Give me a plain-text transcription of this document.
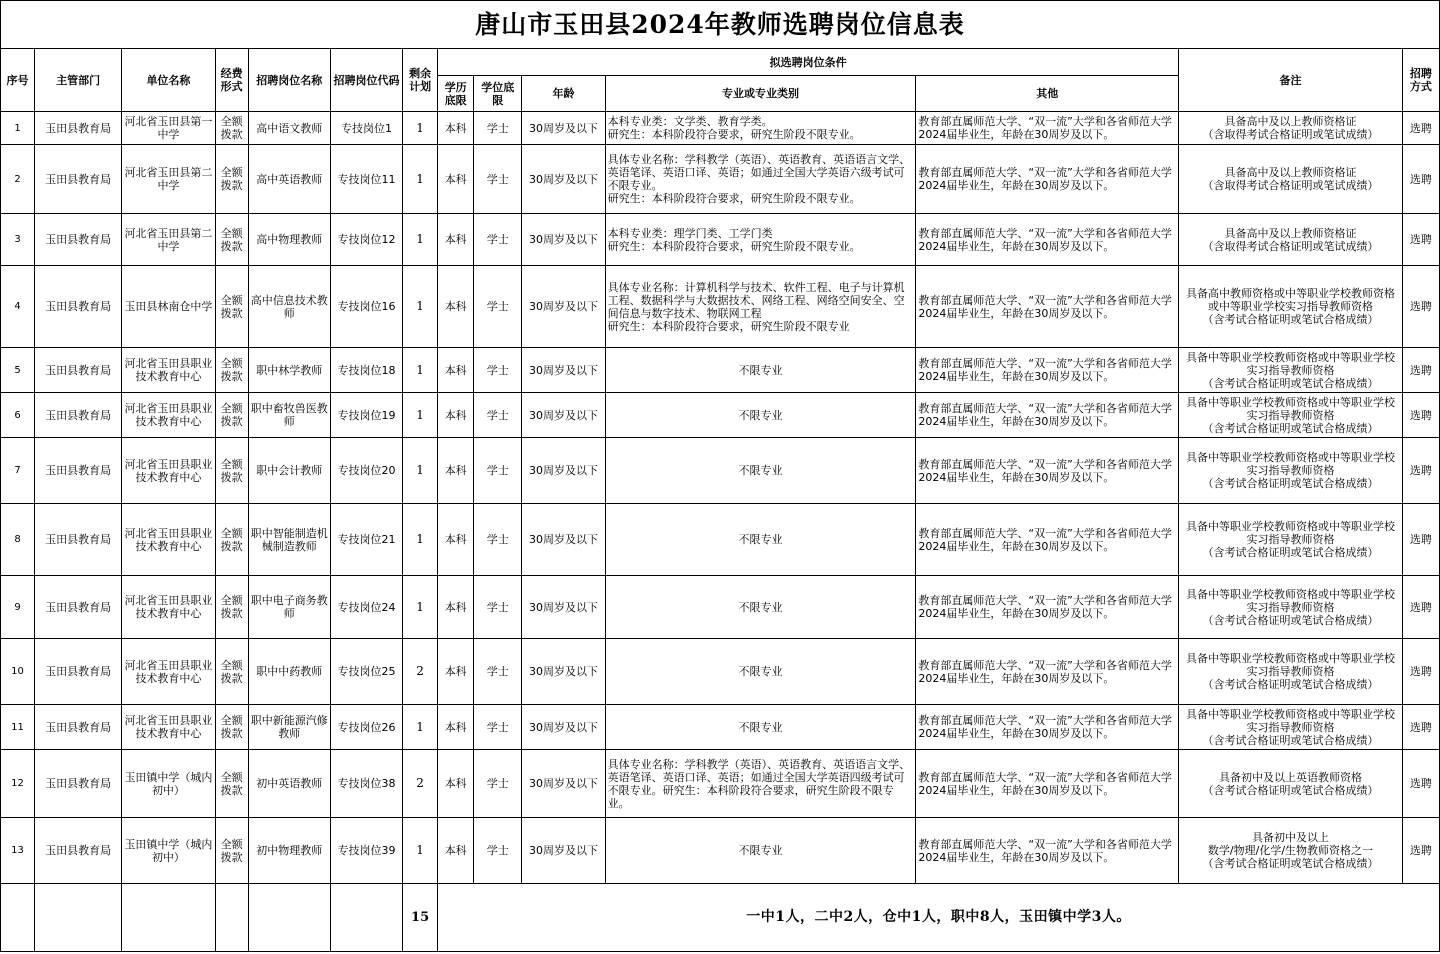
唐山市玉田县2024年教师选聘岗位信息表
序号	主管部门	单位名称	经费形式	招聘岗位名称	招聘岗位代码	剩余计划	拟选聘岗位条件					备注	招聘方式
							学历底限	学位底限	年龄	专业或专业类别	其他		
1	玉田县教育局	河北省玉田县第一中学	全额拨款	高中语文教师	专技岗位1	1	本科	学士	30周岁及以下	本科专业类：文学类、教育学类。
研究生：本科阶段符合要求，研究生阶段不限专业。	教育部直属师范大学、“双一流”大学和各省师范大学2024届毕业生，年龄在30周岁及以下。	具备高中及以上教师资格证
（含取得考试合格证明或笔试成绩）	选聘
2	玉田县教育局	河北省玉田县第二中学	全额拨款	高中英语教师	专技岗位11	1	本科	学士	30周岁及以下	具体专业名称：学科教学（英语）、英语教育、英语语言文学、英语笔译、英语口译、英语；如通过全国大学英语六级考试可不限专业。
研究生：本科阶段符合要求，研究生阶段不限专业。	教育部直属师范大学、“双一流”大学和各省师范大学2024届毕业生，年龄在30周岁及以下。	具备高中及以上教师资格证
（含取得考试合格证明或笔试成绩）	选聘
3	玉田县教育局	河北省玉田县第二中学	全额拨款	高中物理教师	专技岗位12	1	本科	学士	30周岁及以下	本科专业类：理学门类、工学门类
研究生：本科阶段符合要求，研究生阶段不限专业。	教育部直属师范大学、“双一流”大学和各省师范大学2024届毕业生，年龄在30周岁及以下。	具备高中及以上教师资格证
（含取得考试合格证明或笔试成绩）	选聘
4	玉田县教育局	玉田县林南仓中学	全额拨款	高中信息技术教师	专技岗位16	1	本科	学士	30周岁及以下	具体专业名称：计算机科学与技术、软件工程、电子与计算机工程、数据科学与大数据技术、网络工程、网络空间安全、空间信息与数字技术、物联网工程
研究生：本科阶段符合要求，研究生阶段不限专业	教育部直属师范大学、“双一流”大学和各省师范大学2024届毕业生，年龄在30周岁及以下。	具备高中教师资格或中等职业学校教师资格或中等职业学校实习指导教师资格
（含考试合格证明或笔试合格成绩）	选聘
5	玉田县教育局	河北省玉田县职业技术教育中心	全额拨款	职中林学教师	专技岗位18	1	本科	学士	30周岁及以下	不限专业	教育部直属师范大学、“双一流”大学和各省师范大学2024届毕业生，年龄在30周岁及以下。	具备中等职业学校教师资格或中等职业学校实习指导教师资格
（含考试合格证明或笔试合格成绩）	选聘
6	玉田县教育局	河北省玉田县职业技术教育中心	全额拨款	职中畜牧兽医教师	专技岗位19	1	本科	学士	30周岁及以下	不限专业	教育部直属师范大学、“双一流”大学和各省师范大学2024届毕业生，年龄在30周岁及以下。	具备中等职业学校教师资格或中等职业学校实习指导教师资格
（含考试合格证明或笔试合格成绩）	选聘
7	玉田县教育局	河北省玉田县职业技术教育中心	全额拨款	职中会计教师	专技岗位20	1	本科	学士	30周岁及以下	不限专业	教育部直属师范大学、“双一流”大学和各省师范大学2024届毕业生，年龄在30周岁及以下。	具备中等职业学校教师资格或中等职业学校实习指导教师资格
（含考试合格证明或笔试合格成绩）	选聘
8	玉田县教育局	河北省玉田县职业技术教育中心	全额拨款	职中智能制造机械制造教师	专技岗位21	1	本科	学士	30周岁及以下	不限专业	教育部直属师范大学、“双一流”大学和各省师范大学2024届毕业生，年龄在30周岁及以下。	具备中等职业学校教师资格或中等职业学校实习指导教师资格
（含考试合格证明或笔试合格成绩）	选聘
9	玉田县教育局	河北省玉田县职业技术教育中心	全额拨款	职中电子商务教师	专技岗位24	1	本科	学士	30周岁及以下	不限专业	教育部直属师范大学、“双一流”大学和各省师范大学2024届毕业生，年龄在30周岁及以下。	具备中等职业学校教师资格或中等职业学校实习指导教师资格
（含考试合格证明或笔试合格成绩）	选聘
10	玉田县教育局	河北省玉田县职业技术教育中心	全额拨款	职中中药教师	专技岗位25	2	本科	学士	30周岁及以下	不限专业	教育部直属师范大学、“双一流”大学和各省师范大学2024届毕业生，年龄在30周岁及以下。	具备中等职业学校教师资格或中等职业学校实习指导教师资格
（含考试合格证明或笔试合格成绩）	选聘
11	玉田县教育局	河北省玉田县职业技术教育中心	全额拨款	职中新能源汽修教师	专技岗位26	1	本科	学士	30周岁及以下	不限专业	教育部直属师范大学、“双一流”大学和各省师范大学2024届毕业生，年龄在30周岁及以下。	具备中等职业学校教师资格或中等职业学校实习指导教师资格
（含考试合格证明或笔试合格成绩）	选聘
12	玉田县教育局	玉田镇中学（城内初中）	全额拨款	初中英语教师	专技岗位38	2	本科	学士	30周岁及以下	具体专业名称：学科教学（英语）、英语教育、英语语言文学、英语笔译、英语口译、英语；如通过全国大学英语四级考试可不限专业。研究生：本科阶段符合要求，研究生阶段不限专业。	教育部直属师范大学、“双一流”大学和各省师范大学2024届毕业生，年龄在30周岁及以下。	具备初中及以上英语教师资格
（含考试合格证明或笔试合格成绩）	选聘
13	玉田县教育局	玉田镇中学（城内初中）	全额拨款	初中物理教师	专技岗位39	1	本科	学士	30周岁及以下	不限专业	教育部直属师范大学、“双一流”大学和各省师范大学2024届毕业生，年龄在30周岁及以下。	具备初中及以上
数学/物理/化学/生物教师资格之一
（含考试合格证明或笔试合格成绩）	选聘
						15	一中1人，二中2人，仓中1人，职中8人，玉田镇中学3人。						
